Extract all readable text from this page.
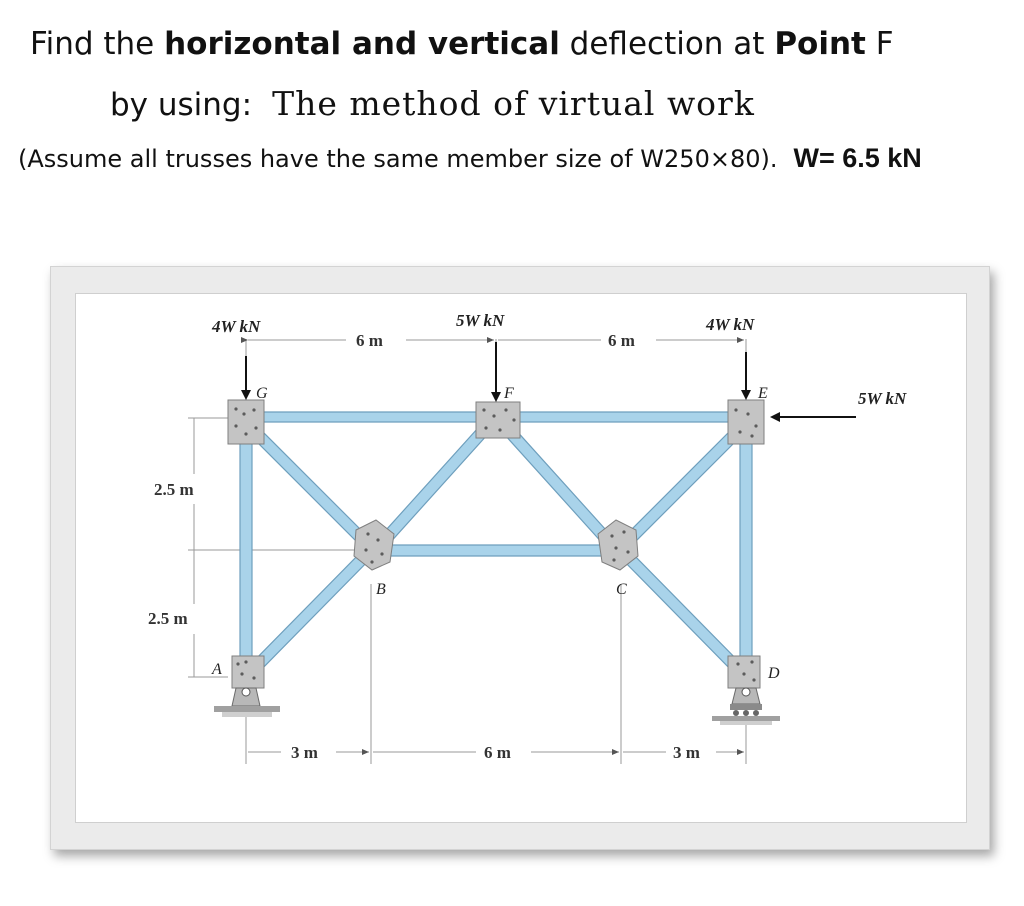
Find the horizontal and vertical deflection at Point F
by using: The method of virtual work
(Assume all trusses have the same member size of W250×80). W= 6.5 kN
4W kN	5W kN	4W kN
5W kN
6 m	6 m
2.5 m
2.5 m
3 m	6 m	3 m
A
B	C
D
E
F
G
